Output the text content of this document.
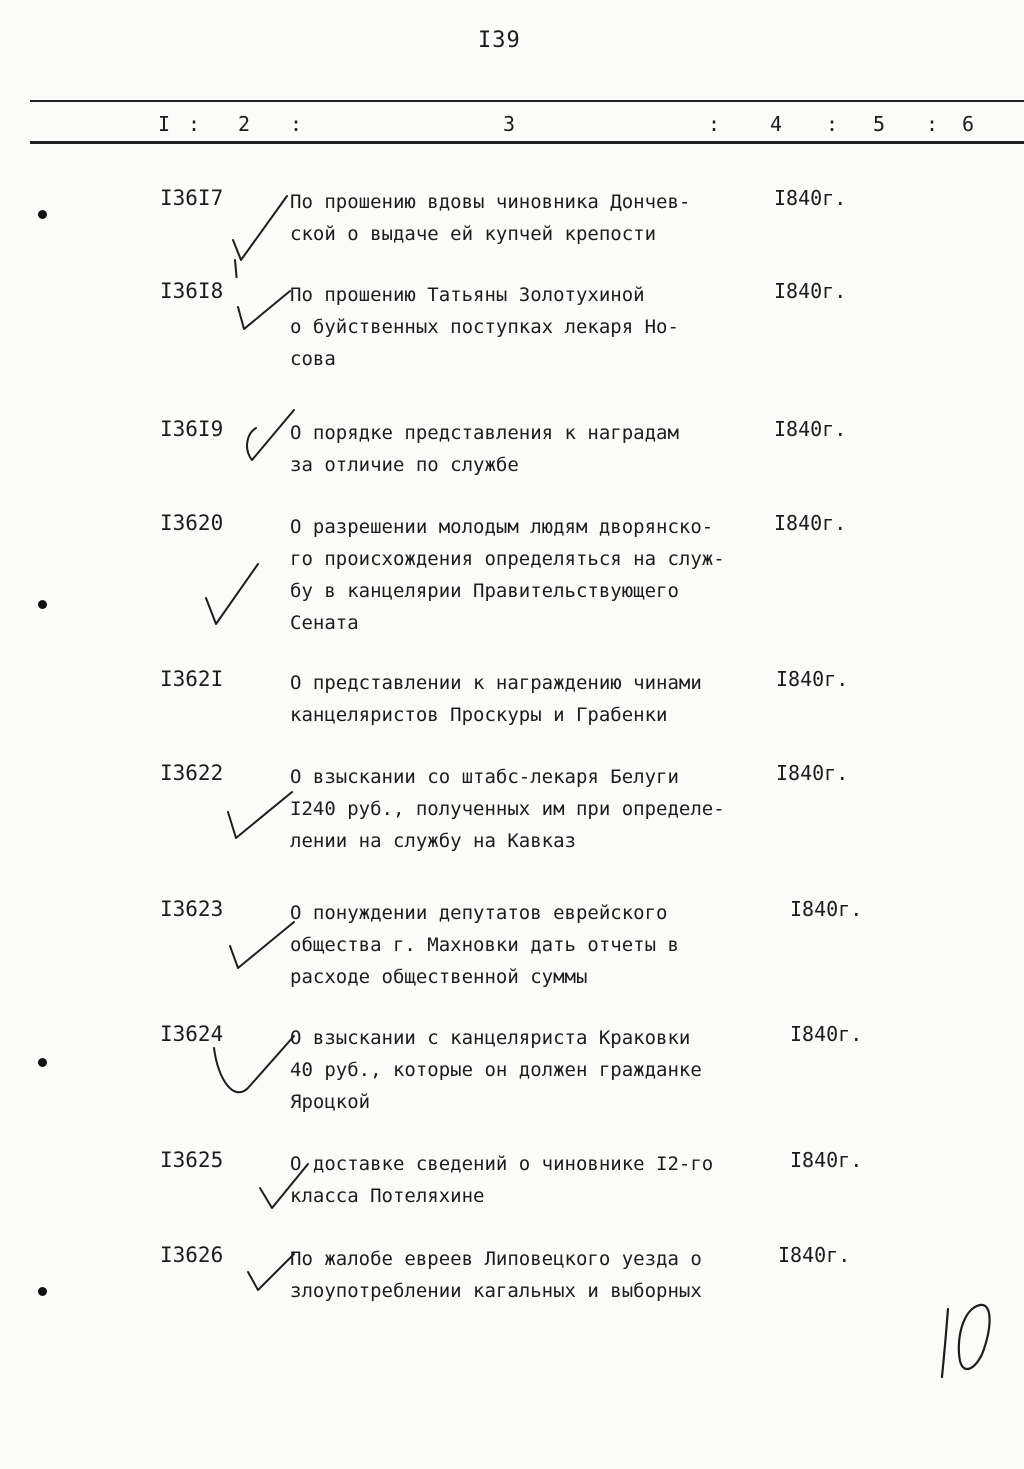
I39
I : 2 :	3	: 4 : 5 : 6
I36I7	По прошению вдовы чиновника Дончев-
ской о выдаче ей купчей крепости
I840г.
I36I8	По прошению Татьяны Золотухиной
о буйственных поступках лекаря Но-
сова
I840г.
I36I9	О порядке представления к наградам
за отличие по службе
I840г.
I3620	О разрешении молодым людям дворянско-
го происхождения определяться на служ-
бу в канцелярии Правительствующего
Сената
I840г.
I362I	О представлении к награждению чинами
канцеляристов Проскуры и Грабенки
I840г.
I3622	О взыскании со штабс-лекаря Белуги
I240 руб., полученных им при определе-
лении на службу на Кавказ
I840г.
I3623	О понуждении депутатов еврейского
общества г. Махновки дать отчеты в
расходе общественной суммы
I840г.
I3624	О взыскании с канцеляриста Краковки
40 руб., которые он должен гражданке
Яроцкой
I840г.
I3625	О доставке сведений о чиновнике I2-го
класса Потеляхине
I840г.
I3626	По жалобе евреев Липовецкого уезда о
злоупотреблении кагальных и выборных
I840г.
